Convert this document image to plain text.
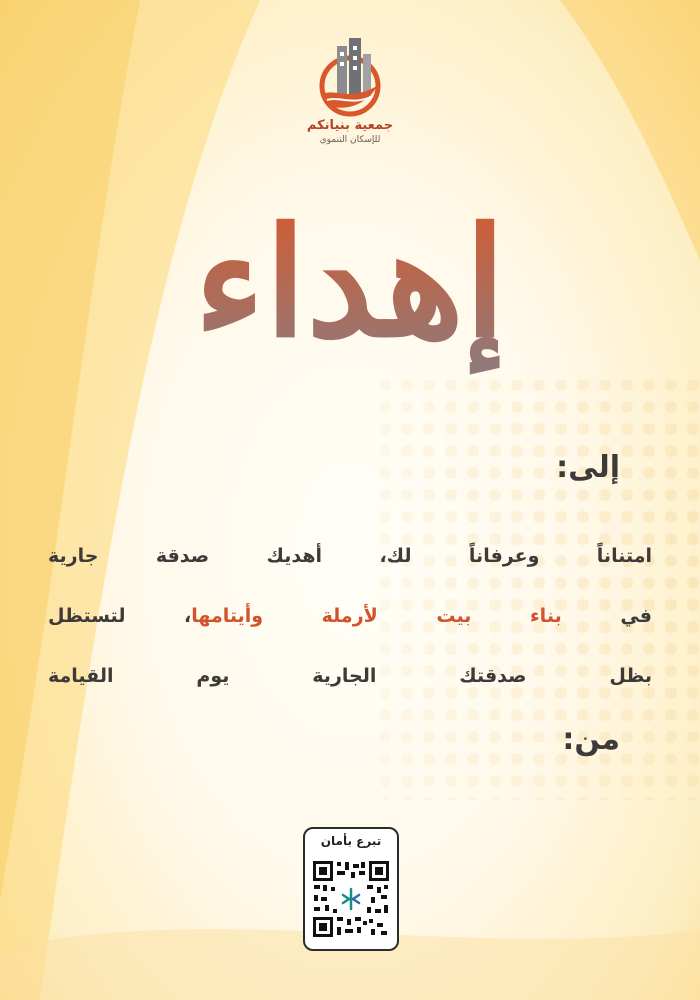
جمعية بنيانكم
للإسكان التنموي
إهداء
إلى:
امتناناً وعرفاناً لك، أهديك صدقة جارية
في بناء بيت لأرملة وأيتامها، لتستظل
بظل صدقتك الجارية يوم القيامة
من:
تبرع بأمان
